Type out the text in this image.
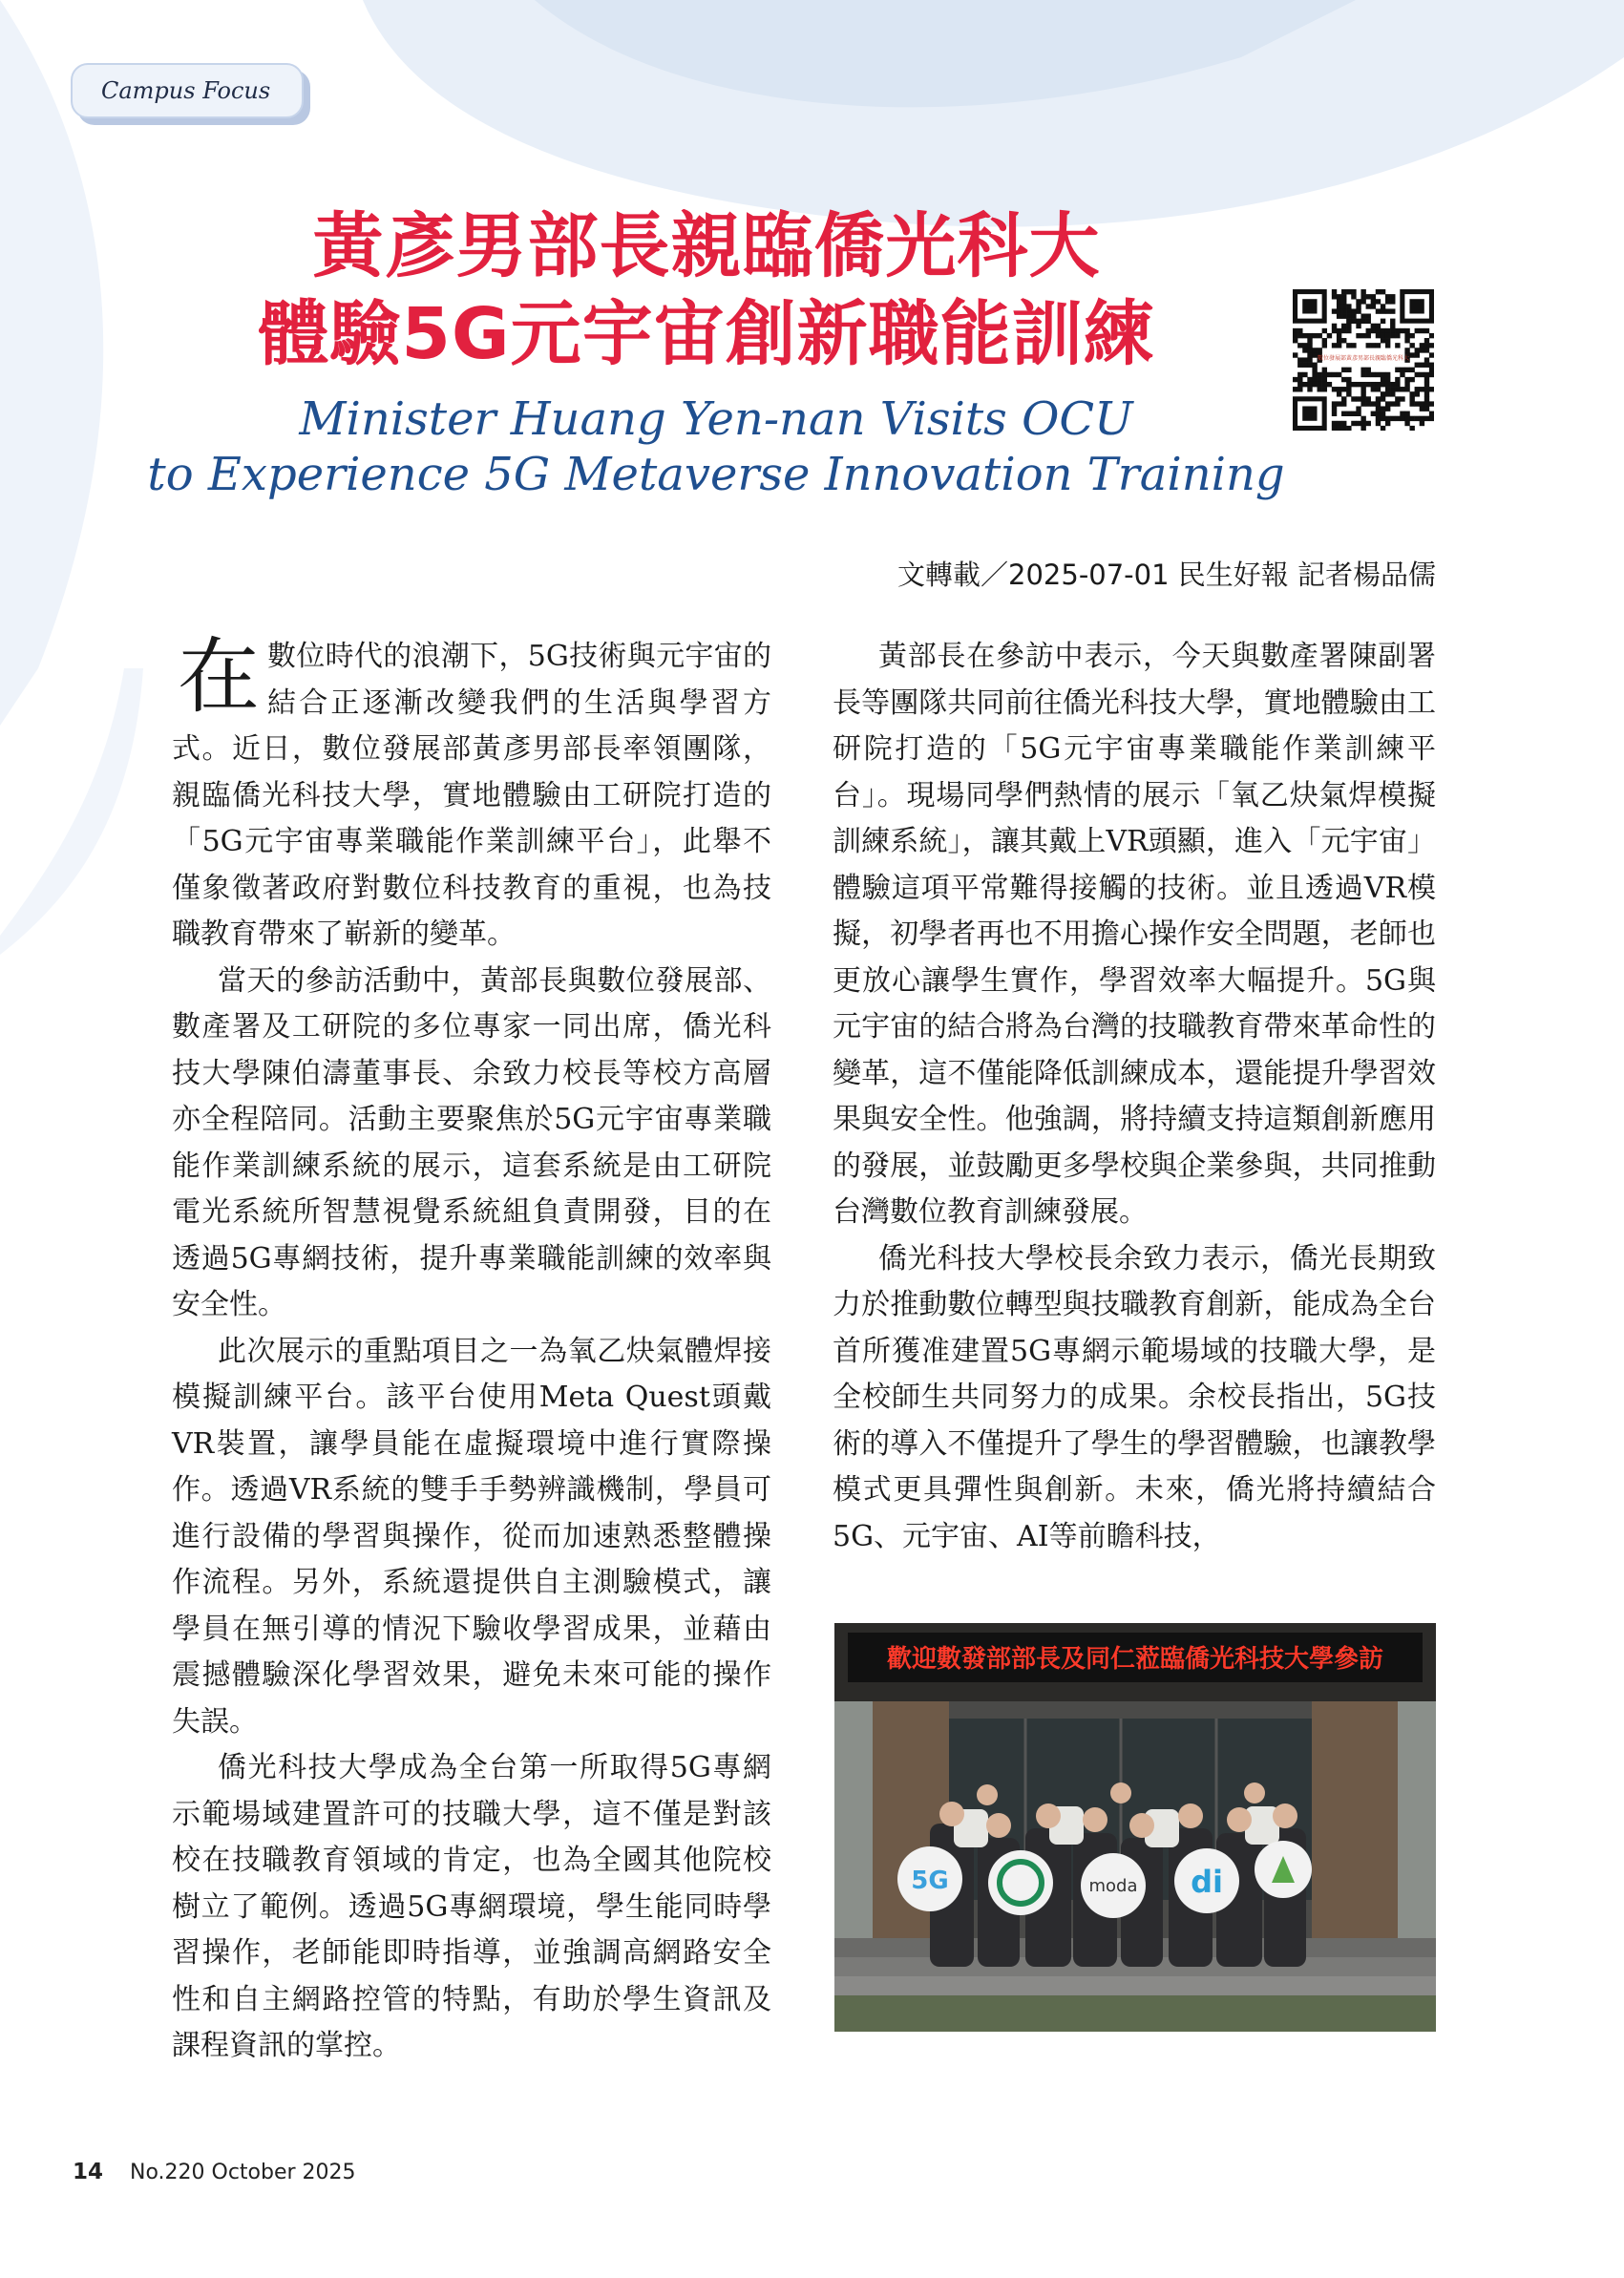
Campus Focus
黃彥男部長親臨僑光科大
體驗5G元宇宙創新職能訓練
Minister Huang Yen-nan Visits OCU
to Experience 5G Metaverse Innovation Training
數位發展部黃彥男部長親臨僑光科大
文轉載／2025-07-01 民生好報 記者楊品儒

在數位時代的浪潮下，5G技術與元宇宙的結合正逐漸改變我們的生活與學習方式。近日，數位發展部黃彥男部長率領團隊，親臨僑光科技大學，實地體驗由工研院打造的「5G元宇宙專業職能作業訓練平台」，此舉不僅象徵著政府對數位科技教育的重視，也為技職教育帶來了嶄新的變革。

當天的參訪活動中，黃部長與數位發展部、數產署及工研院的多位專家一同出席，僑光科技大學陳伯濤董事長、余致力校長等校方高層亦全程陪同。活動主要聚焦於5G元宇宙專業職能作業訓練系統的展示，這套系統是由工研院電光系統所智慧視覺系統組負責開發，目的在透過5G專網技術，提升專業職能訓練的效率與安全性。

此次展示的重點項目之一為氧乙炔氣體焊接模擬訓練平台。該平台使用Meta Quest頭戴VR裝置，讓學員能在虛擬環境中進行實際操作。透過VR系統的雙手手勢辨識機制，學員可進行設備的學習與操作，從而加速熟悉整體操作流程。另外，系統還提供自主測驗模式，讓學員在無引導的情況下驗收學習成果，並藉由震撼體驗深化學習效果，避免未來可能的操作失誤。

僑光科技大學成為全台第一所取得5G專網示範場域建置許可的技職大學，這不僅是對該校在技職教育領域的肯定，也為全國其他院校樹立了範例。透過5G專網環境，學生能同時學習操作，老師能即時指導，並強調高網路安全性和自主網路控管的特點，有助於學生資訊及課程資訊的掌控。

黃部長在參訪中表示，今天與數產署陳副署長等團隊共同前往僑光科技大學，實地體驗由工研院打造的「5G元宇宙專業職能作業訓練平台」。現場同學們熱情的展示「氧乙炔氣焊模擬訓練系統」，讓其戴上VR頭顯，進入「元宇宙」體驗這項平常難得接觸的技術。並且透過VR模擬，初學者再也不用擔心操作安全問題，老師也更放心讓學生實作，學習效率大幅提升。5G與元宇宙的結合將為台灣的技職教育帶來革命性的變革，這不僅能降低訓練成本，還能提升學習效果與安全性。他強調，將持續支持這類創新應用的發展，並鼓勵更多學校與企業參與，共同推動台灣數位教育訓練發展。

僑光科技大學校長余致力表示，僑光長期致力於推動數位轉型與技職教育創新，能成為全台首所獲准建置5G專網示範場域的技職大學，是全校師生共同努力的成果。余校長指出，5G技術的導入不僅提升了學生的學習體驗，也讓教學模式更具彈性與創新。未來，僑光將持續結合5G、元宇宙、AI等前瞻科技，

歡迎數發部部長及同仁蒞臨僑光科技大學參訪
5G	moda di
14 No.220 October 2025
